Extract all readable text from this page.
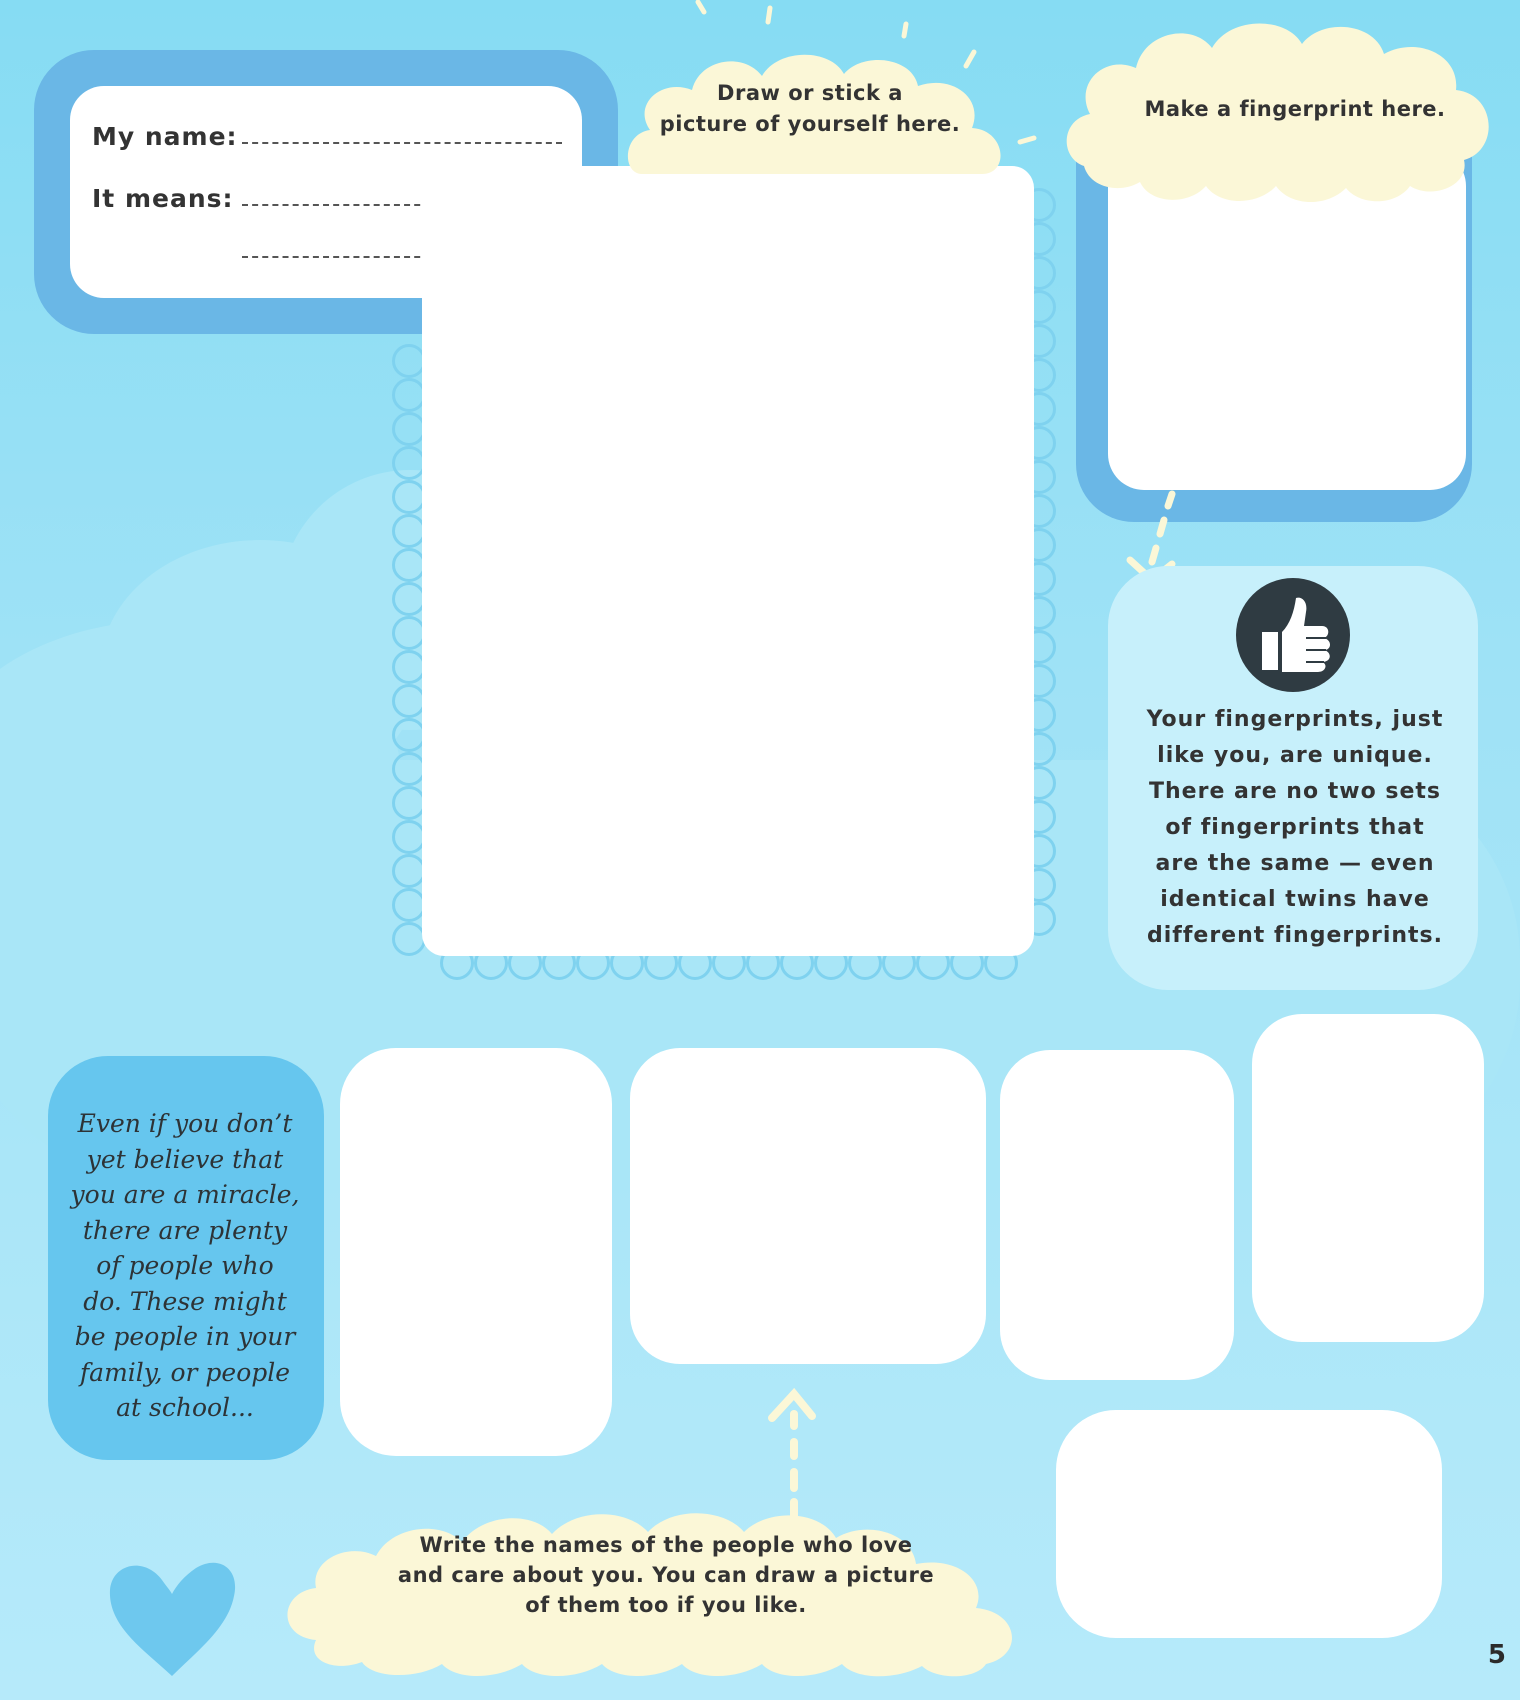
My name:
It means:
Draw or stick a
picture of yourself here.
Make a fingerprint here.
Your fingerprints, just
like you, are unique.
There are no two sets
of fingerprints that
are the same — even
identical twins have
different fingerprints.
Even if you don’t
yet believe that
you are a miracle,
there are plenty
of people who
do. These might
be people in your
family, or people
at school...
Write the names of the people who love
and care about you. You can draw a picture
of them too if you like.
5
